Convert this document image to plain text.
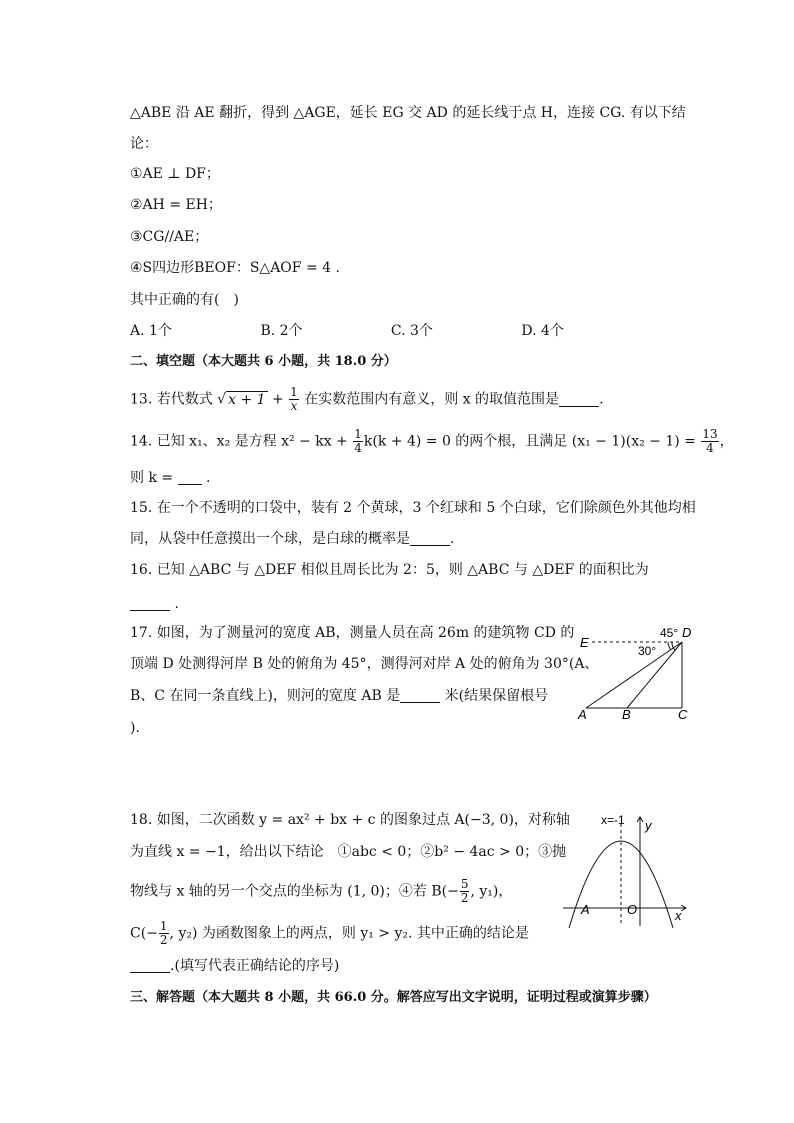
△ABE 沿 AE 翻折，得到 △AGE，延长 EG 交 AD 的延长线于点 H，连接 CG. 有以下结
论：
①AE ⊥ DF；
②AH = EH；
③CG//AE；
④S四边形BEOF：S△AOF = 4 .
其中正确的有(　)
A. 1个	B. 2个	C. 3个	D. 4个
二、填空题（本大题共 6 小题，共 18.0 分）
13. 若代数式 √ $x + 1 + \frac{1}{x}$ 在实数范围内有意义，则 x 的取值范围是	.
14. 已知 x₁、x₂ 是方程 x² − kx + $\frac{1}{4} k(k + 4) = 0$ 的两个根，且满足 $(x_1 - 1)(x_2 - 1) = \frac{13}{4}$ ，
则 k = .
15. 在一个不透明的口袋中，装有 2 个黄球，3 个红球和 5 个白球，它们除颜色外其他均相
同，从袋中任意摸出一个球，是白球的概率是	.
16. 已知 △ABC 与 △DEF 相似且周长比为 2：5，则 △ABC 与 △DEF 的面积比为
.
17. 如图，为了测量河的宽度 AB，测量人员在高 26m 的建筑物 CD 的
顶端 D 处测得河岸 B 处的俯角为 45°，测得河对岸 A 处的俯角为 30°(A、
B、C 在同一条直线上)，则河的宽度 AB 是	米(结果保留根号
).
E
45° D
30°
A	B	C
18. 如图，二次函数 y = ax² + bx + c 的图象过点 A(−3, 0)，对称轴
为直线 x = −1，给出以下结论　①abc < 0；②b² − 4ac > 0；③抛
物线与 x 轴的另一个交点的坐标为 (1, 0)；④若 $B(- \frac{5}{2}$ , y₁)，
$C(- \frac{1}{2}$ , y₂) 为函数图象上的两点，则 y₁ > y₂. 其中正确的结论是
.(填写代表正确结论的序号)
x=-1 y
A	O	x
三、解答题（本大题共 8 小题，共 66.0 分。解答应写出文字说明，证明过程或演算步骤）
